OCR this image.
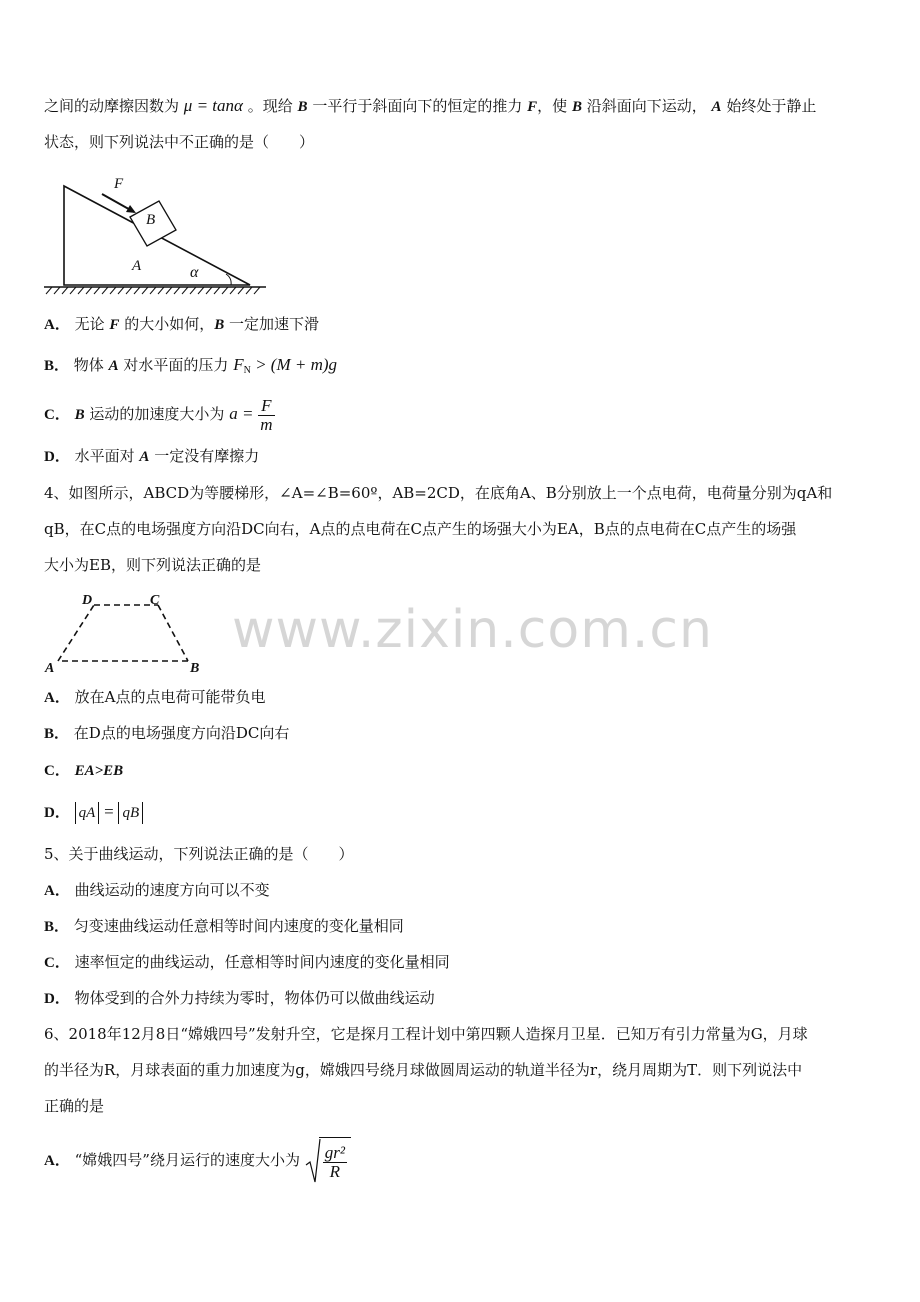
www.zixin.com.cn
之间的动摩擦因数为 μ = tanα 。现给 B 一平行于斜面向下的恒定的推力 F，使 B 沿斜面向下运动， A 始终处于静止
状态，则下列说法中不正确的是（　　）
B
F
A	α
A． 无论 F 的大小如何，B 一定加速下滑
B． 物体 A 对水平面的压力 $F_N > (M + m)g$
C． B 运动的加速度大小为 $a = \frac{F}{m}$
D． 水平面对 A 一定没有摩擦力
4、如图所示，ABCD为等腰梯形，∠A=∠B=60º，AB=2CD，在底角A、B分别放上一个点电荷，电荷量分别为qA和
qB，在C点的电场强度方向沿DC向右，A点的点电荷在C点产生的场强大小为EA，B点的点电荷在C点产生的场强
大小为EB，则下列说法正确的是
D	C
A	B
A． 放在A点的点电荷可能带负电
B． 在D点的电场强度方向沿DC向右
C． EA>EB
D． qA = qB
5、关于曲线运动，下列说法正确的是（　　）
A． 曲线运动的速度方向可以不变
B． 匀变速曲线运动任意相等时间内速度的变化量相同
C． 速率恒定的曲线运动，任意相等时间内速度的变化量相同
D． 物体受到的合外力持续为零时，物体仍可以做曲线运动
6、2018年12月8日“嫦娥四号”发射升空，它是探月工程计划中第四颗人造探月卫星．已知万有引力常量为G，月球
的半径为R，月球表面的重力加速度为g，嫦娥四号绕月球做圆周运动的轨道半径为r，绕月周期为T．则下列说法中
正确的是
A． “嫦娥四号”绕月运行的速度大小为 $\frac{\text{gr²}}{R}$
